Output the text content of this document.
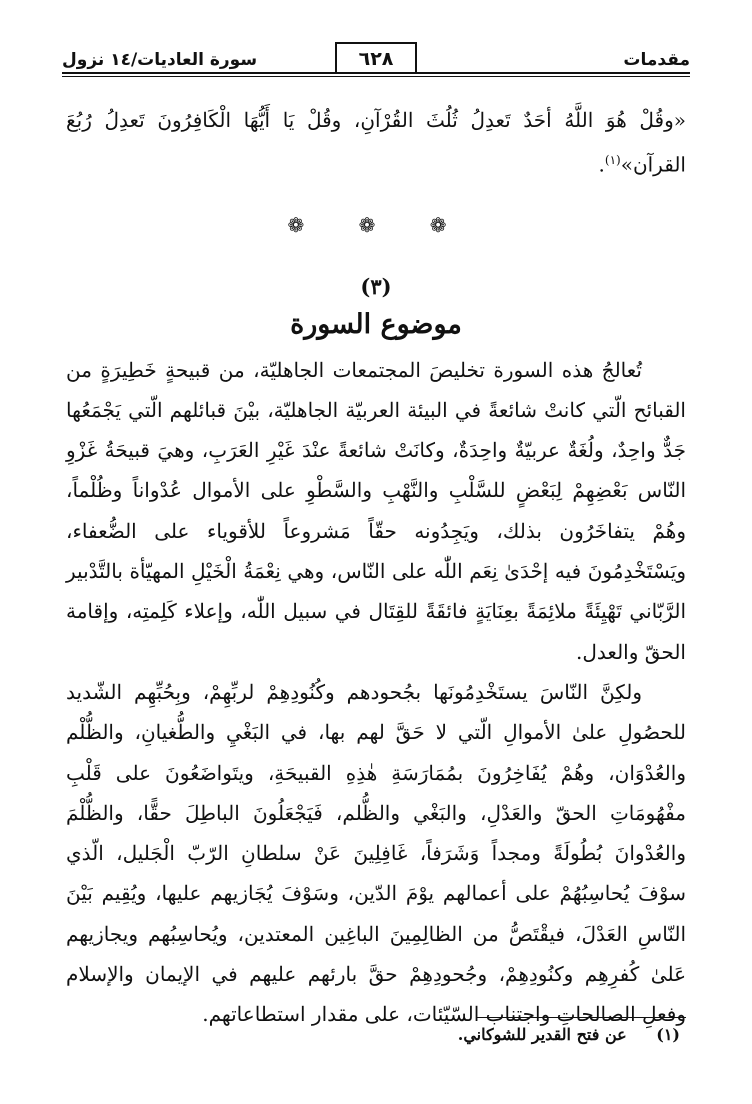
مقدمات
٦٢٨
سورة العاديات/١٤ نزول

«وقُلْ هُوَ اللَّهُ أحَدٌ تَعدِلُ ثُلُثَ القُرْآنِ، وقُلْ يَا أَيُّهَا الْكَافِرُونَ تَعدِلُ رُبُعَ القرآن»$^{(١)}$.

❁ ❁ ❁
(٣)
موضوع السورة

تُعالجُ هذه السورة تخليصَ المجتمعات الجاهليّة، من قبيحةٍ خَطِيرَةٍ من القبائح الّتي كانتْ شائعةً في البيئة العربيّة الجاهليّة، بيْنَ قبائلهم الّتي يَجْمَعُها جَدٌّ واحِدٌ، ولُغَةٌ عربيّةٌ واحِدَةٌ، وكانَتْ شائعةً عنْدَ غَيْرِ العَرَبِ، وهيَ قبيحَةُ غَزْوِ النّاس بَعْضِهِمْ لِبَعْضٍ للسَّلْبِ والنَّهْبِ والسَّطْوِ على الأموال عُدْواناً وظُلْماً، وهُمْ يتفاخَرُون بذلك، ويَجِدُونه حقّاً مَشروعاً للأقوياء على الضُّعفاء، ويَسْتَخْدِمُونَ فيه إحْدَىٰ نِعَم اللّٰه على النّاس، وهي نِعْمَةُ الْخَيْلِ المهيّأة بالتَّدْبير الرَّبّاني تَهْيِئَةً ملائِمَةً بعِنَايَةٍ فائقَةً للقِتَال في سبيل اللّٰه، وإعلاء كَلِمتِه، وإقامة الحقّ والعدل.

ولكِنَّ النّاسَ يستَخْدِمُونَها بجُحودهم وكُنُودِهِمْ لربِّهِمْ، وبِحُبِّهِم الشّديد للحصُولِ علىٰ الأموالِ الّتي لا حَقَّ لهم بها، في البَغْيِ والطُّغيانِ، والظُّلْم والعُدْوَان، وهُمْ يُفَاخِرُونَ بمُمَارَسَةِ هٰذِهِ القبيحَةِ، ويتَواضَعُونَ على قَلْبِ مفْهُومَاتِ الحقّ والعَدْلِ، والبَغْي والظُّلم، فَيَجْعَلُونَ الباطِلَ حقًّا، والظُّلْمَ والعُدْوانَ بُطُولَةً ومجداً وَشَرَفاً، غَافِلِينَ عَنْ سلطانِ الرّبّ الْجَليل، الّذي سوْفَ يُحاسِبُهُمْ على أعمالهم يوْمَ الدّين، وسَوْفَ يُجَازيهم عليها، ويُقِيم بَيْنَ النّاسِ العَدْلَ، فيقْتَصُّ من الظالِمِينَ الباغِين المعتدين، ويُحاسِبُهم ويجازيهم عَلىٰ كُفرِهِم وكنُودِهِمْ، وجُحودِهِمْ حقَّ بارئهم عليهم في الإيمان والإسلام وفعلِ الصالحاتِ واجتناب السّيّئات، على مقدار استطاعاتهم.

(١) عن فتح القدير للشوكاني.
